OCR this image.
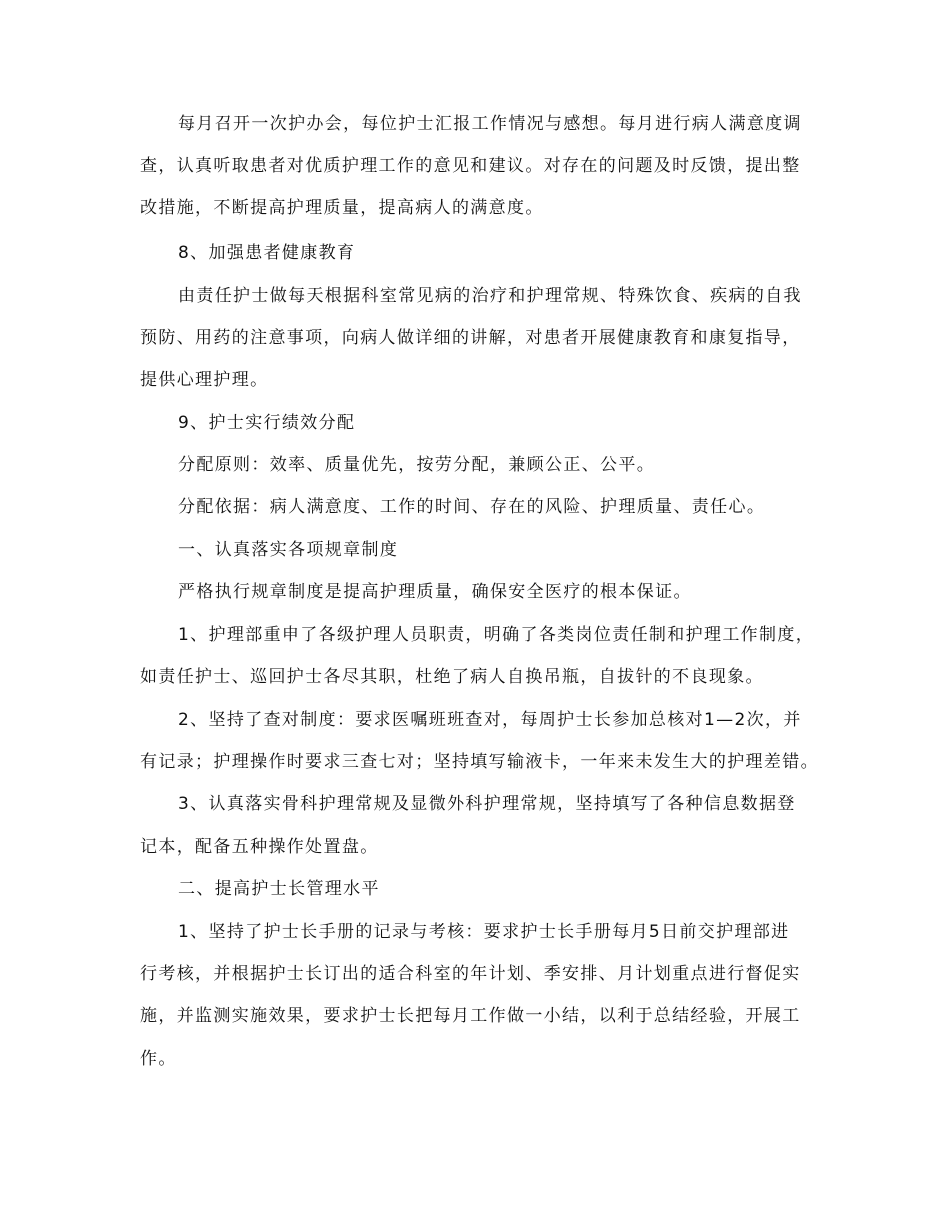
每月召开一次护办会，每位护士汇报工作情况与感想。每月进行病人满意度调
查，认真听取患者对优质护理工作的意见和建议。对存在的问题及时反馈，提出整
改措施，不断提高护理质量，提高病人的满意度。
8、加强患者健康教育
由责任护士做每天根据科室常见病的治疗和护理常规、特殊饮食、疾病的自我
预防、用药的注意事项，向病人做详细的讲解，对患者开展健康教育和康复指导，
提供心理护理。
9、护士实行绩效分配
分配原则：效率、质量优先，按劳分配，兼顾公正、公平。
分配依据：病人满意度、工作的时间、存在的风险、护理质量、责任心。
一、认真落实各项规章制度
严格执行规章制度是提高护理质量，确保安全医疗的根本保证。
1、护理部重申了各级护理人员职责，明确了各类岗位责任制和护理工作制度，
如责任护士、巡回护士各尽其职，杜绝了病人自换吊瓶，自拔针的不良现象。
2、坚持了查对制度：要求医嘱班班查对，每周护士长参加总核对1—2次，并
有记录；护理操作时要求三查七对；坚持填写输液卡，一年来未发生大的护理差错。
3、认真落实骨科护理常规及显微外科护理常规，坚持填写了各种信息数据登
记本，配备五种操作处置盘。
二、提高护士长管理水平
1、坚持了护士长手册的记录与考核：要求护士长手册每月5日前交护理部进
行考核，并根据护士长订出的适合科室的年计划、季安排、月计划重点进行督促实
施，并监测实施效果，要求护士长把每月工作做一小结，以利于总结经验，开展工
作。
